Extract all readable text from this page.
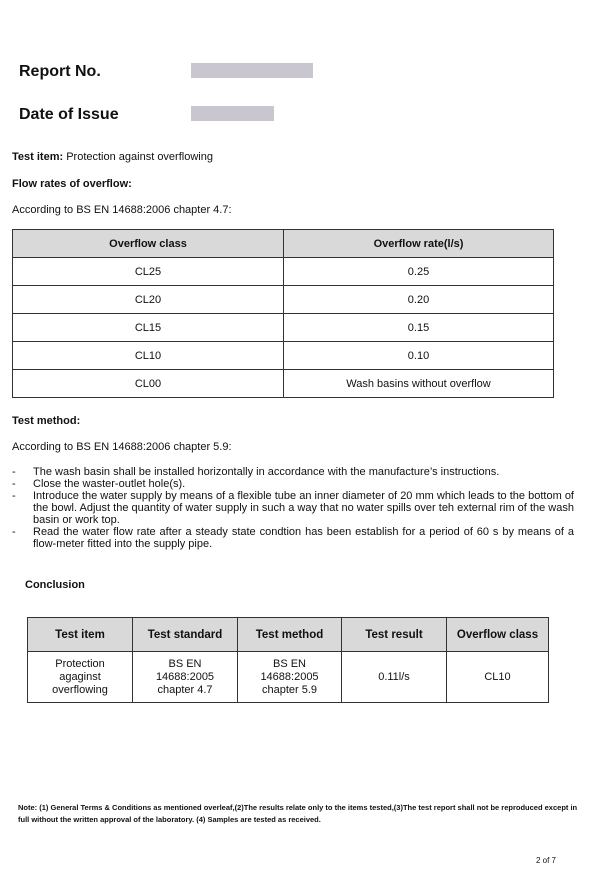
Report No.
Date of Issue
Test item: Protection against overflowing
Flow rates of overflow:
According to BS EN 14688:2006 chapter 4.7:
Overflow class	Overflow rate(l/s)
CL25	0.25
CL20	0.20
CL15	0.15
CL10	0.10
CL00	Wash basins without overflow
Test method:
According to BS EN 14688:2006 chapter 5.9:
-	The wash basin shall be installed horizontally in accordance with the manufacture’s instructions.
-	Close the waster-outlet hole(s).
-	Introduce the water supply by means of a flexible tube an inner diameter of 20 mm which leads to the bottom of the bowl. Adjust the quantity of water supply in such a way that no water spills over teh external rim of the wash basin or work top.
-	Read the water flow rate after a steady state condtion has been establish for a period of 60 s by means of a flow-meter fitted into the supply pipe.
Conclusion
Test item	Test standard	Test method	Test result	Overflow class
Protection agaginst overflowing	BS EN 14688:2005 chapter 4.7	BS EN 14688:2005 chapter 5.9	0.11l/s	CL10
Note: (1) General Terms & Conditions as mentioned overleaf,(2)The results relate only to the items tested,(3)The test report shall not be reproduced except in full without the written approval of the laboratory. (4) Samples are tested as received.
2 of 7
